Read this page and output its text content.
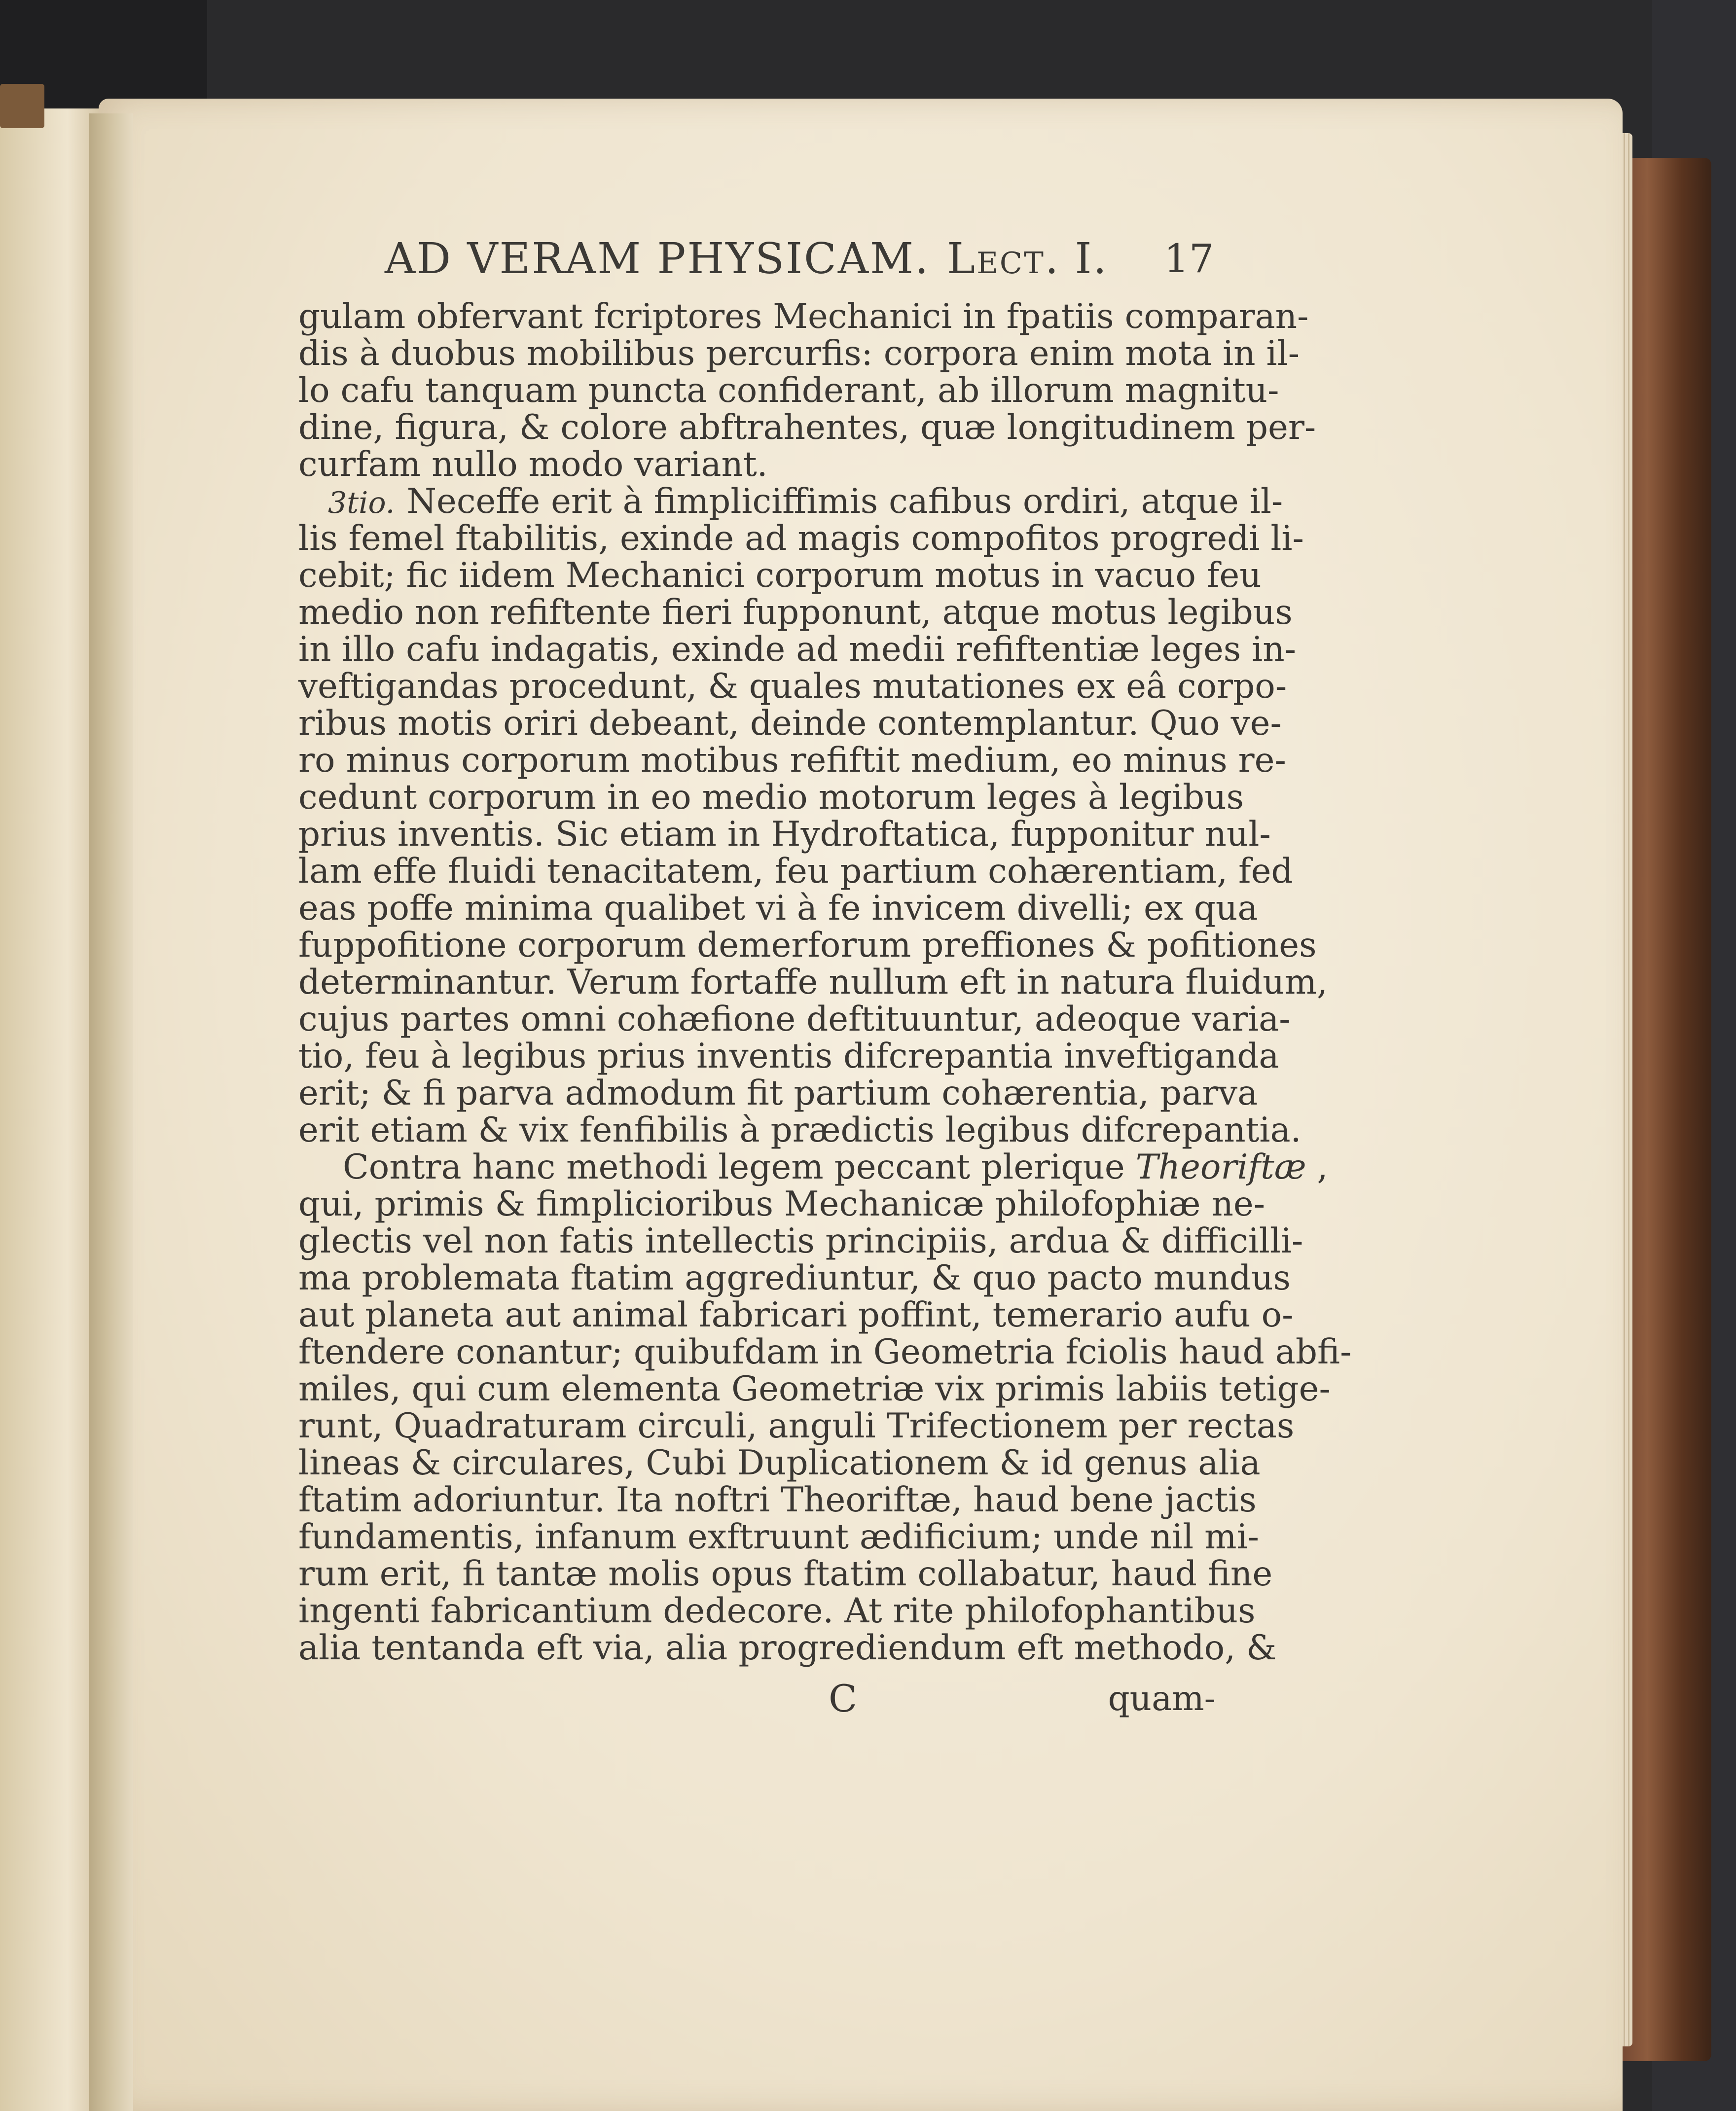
AD VERAM PHYSICAM. Lect. I. 17
gulam obfervant fcriptores Mechanici in fpatiis comparan-
dis à duobus mobilibus percurfis: corpora enim mota in il-
lo cafu tanquam puncta confiderant, ab illorum magnitu-
dine, figura, & colore abftrahentes, quæ longitudinem per-
curfam nullo modo variant.
3tio. Neceffe erit à fimpliciffimis cafibus ordiri, atque il-
lis femel ftabilitis, exinde ad magis compofitos progredi li-
cebit; fic iidem Mechanici corporum motus in vacuo feu
medio non refiftente fieri fupponunt, atque motus legibus
in illo cafu indagatis, exinde ad medii refiftentiæ leges in-
veftigandas procedunt, & quales mutationes ex eâ corpo-
ribus motis oriri debeant, deinde contemplantur. Quo ve-
ro minus corporum motibus refiftit medium, eo minus re-
cedunt corporum in eo medio motorum leges à legibus
prius inventis. Sic etiam in Hydroftatica, fupponitur nul-
lam effe fluidi tenacitatem, feu partium cohærentiam, fed
eas poffe minima qualibet vi à fe invicem divelli; ex qua
fuppofitione corporum demerforum preffiones & pofitiones
determinantur. Verum fortaffe nullum eft in natura fluidum,
cujus partes omni cohæfione deftituuntur, adeoque varia-
tio, feu à legibus prius inventis difcrepantia inveftiganda
erit; & fi parva admodum fit partium cohærentia, parva
erit etiam & vix fenfibilis à prædictis legibus difcrepantia.
Contra hanc methodi legem peccant plerique Theoriftæ ,
qui, primis & fimplicioribus Mechanicæ philofophiæ ne-
glectis vel non fatis intellectis principiis, ardua & difficilli-
ma problemata ftatim aggrediuntur, & quo pacto mundus
aut planeta aut animal fabricari poffint, temerario aufu o-
ftendere conantur; quibufdam in Geometria fciolis haud abfi-
miles, qui cum elementa Geometriæ vix primis labiis tetige-
runt, Quadraturam circuli, anguli Trifectionem per rectas
lineas & circulares, Cubi Duplicationem & id genus alia
ftatim adoriuntur. Ita noftri Theoriftæ, haud bene jactis
fundamentis, infanum exftruunt ædificium; unde nil mi-
rum erit, fi tantæ molis opus ftatim collabatur, haud fine
ingenti fabricantium dedecore. At rite philofophantibus
alia tentanda eft via, alia progrediendum eft methodo, &
C	quam-
